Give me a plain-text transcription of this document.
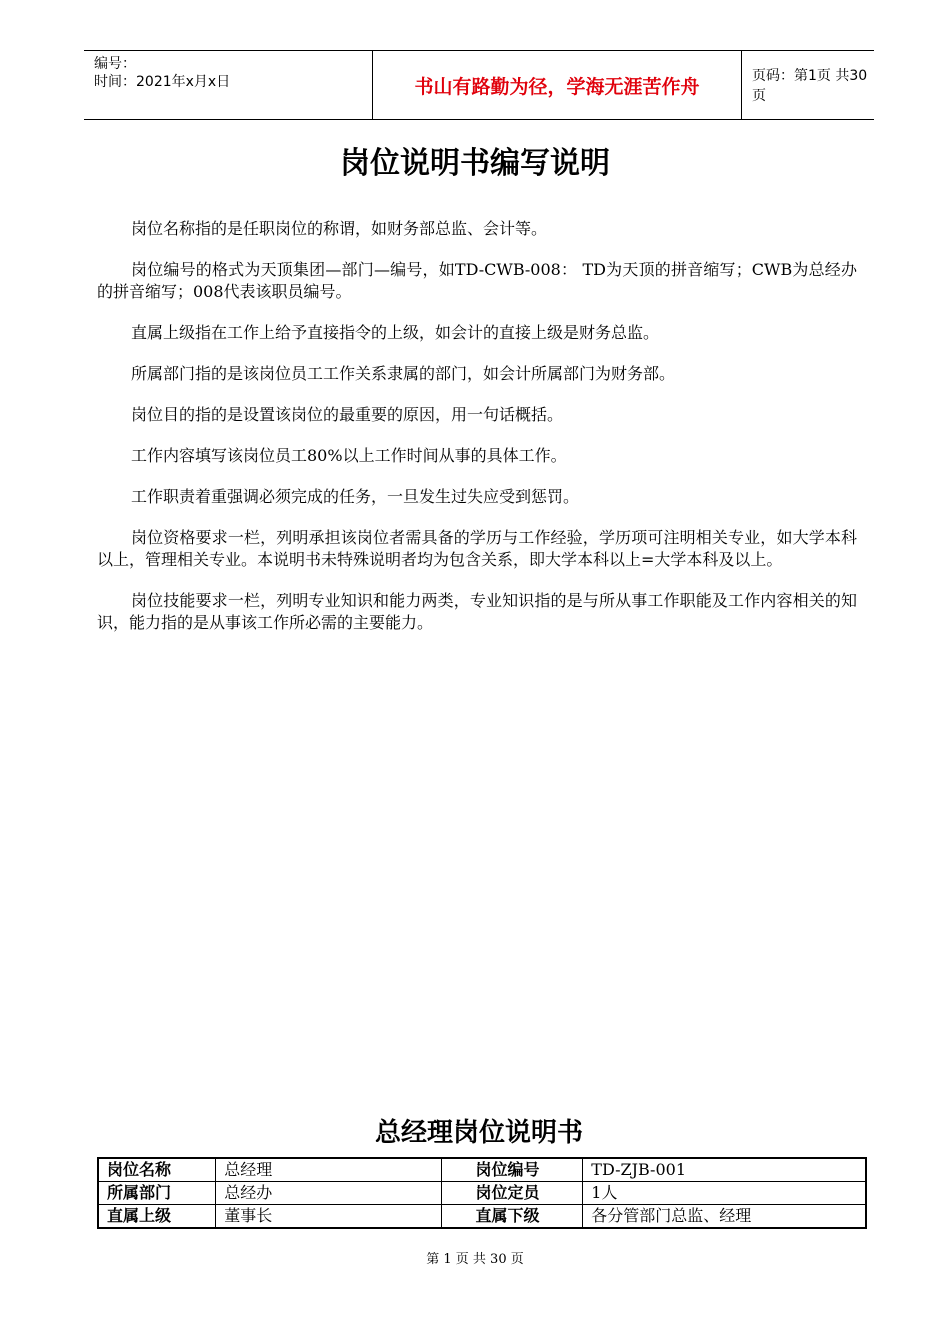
编号：
时间：2021年x月x日	书山有路勤为径，学海无涯苦作舟	页码：第1页 共30页
岗位说明书编写说明

岗位名称指的是任职岗位的称谓，如财务部总监、会计等。

岗位编号的格式为天顶集团—部门—编号，如TD-CWB-008： TD为天顶的拼音缩写；CWB为总经办的拼音缩写；008代表该职员编号。

直属上级指在工作上给予直接指令的上级，如会计的直接上级是财务总监。

所属部门指的是该岗位员工工作关系隶属的部门，如会计所属部门为财务部。

岗位目的指的是设置该岗位的最重要的原因，用一句话概括。

工作内容填写该岗位员工80%以上工作时间从事的具体工作。

工作职责着重强调必须完成的任务，一旦发生过失应受到惩罚。

岗位资格要求一栏，列明承担该岗位者需具备的学历与工作经验，学历项可注明相关专业，如大学本科以上，管理相关专业。本说明书未特殊说明者均为包含关系，即大学本科以上=大学本科及以上。

岗位技能要求一栏，列明专业知识和能力两类，专业知识指的是与所从事工作职能及工作内容相关的知识，能力指的是从事该工作所必需的主要能力。

总经理岗位说明书
岗位名称	总经理	岗位编号	TD-ZJB-001
所属部门	总经办	岗位定员	1人
直属上级	董事长	直属下级	各分管部门总监、经理
第 1 页 共 30 页
